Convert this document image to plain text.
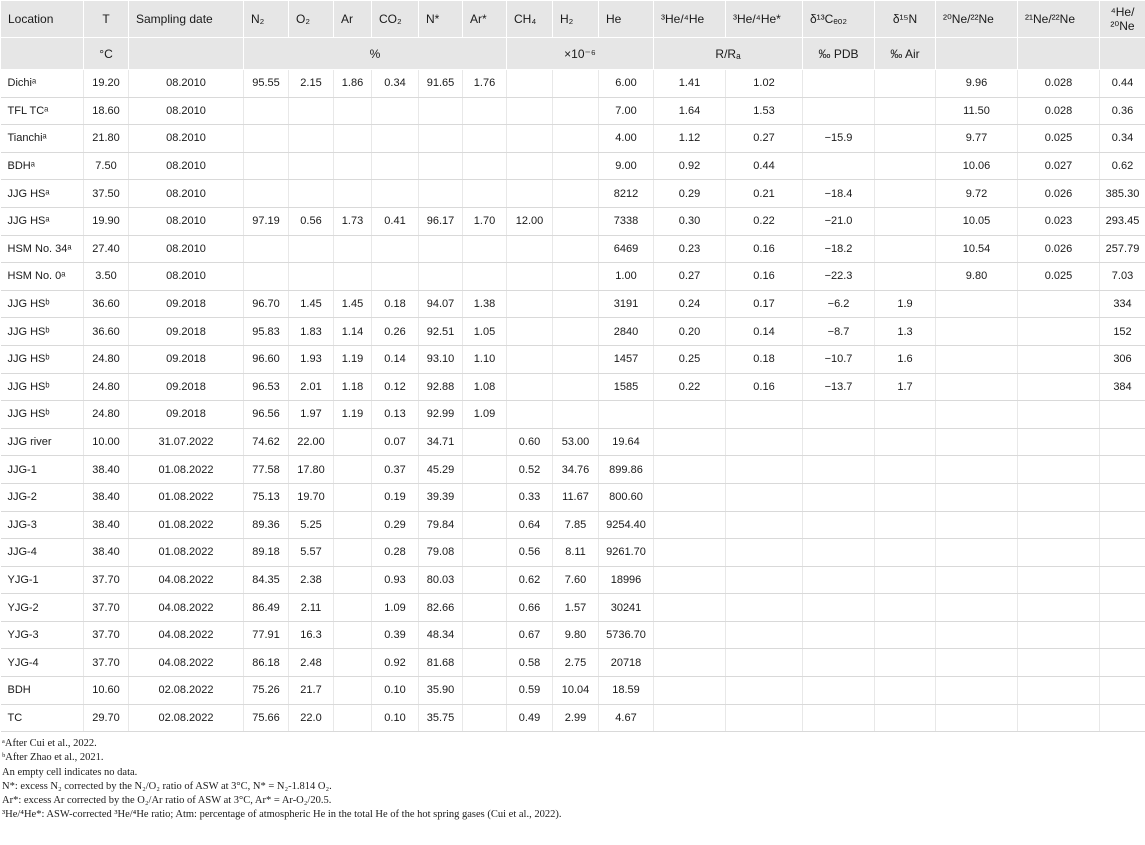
Location	T	Sampling date	N₂	O₂	Ar	CO₂	N*	Ar*	CH₄	H₂	He	³He/⁴He	³He/⁴He*	δ¹³Cₑₒ₂	δ¹⁵N	²⁰Ne/²²Ne	²¹Ne/²²Ne	⁴He/²⁰Ne
	°C		%						×10⁻⁶			R/Rₐ		‰ PDB	‰ Air			
Dichiᵃ	19.20	08.2010	95.55	2.15	1.86	0.34	91.65	1.76			6.00	1.41	1.02			9.96	0.028	0.44
TFL TCᵃ	18.60	08.2010									7.00	1.64	1.53			11.50	0.028	0.36
Tianchiᵃ	21.80	08.2010									4.00	1.12	0.27	−15.9		9.77	0.025	0.34
BDHᵃ	7.50	08.2010									9.00	0.92	0.44			10.06	0.027	0.62
JJG HSᵃ	37.50	08.2010									8212	0.29	0.21	−18.4		9.72	0.026	385.30
JJG HSᵃ	19.90	08.2010	97.19	0.56	1.73	0.41	96.17	1.70	12.00		7338	0.30	0.22	−21.0		10.05	0.023	293.45
HSM No. 34ᵃ	27.40	08.2010									6469	0.23	0.16	−18.2		10.54	0.026	257.79
HSM No. 0ᵃ	3.50	08.2010									1.00	0.27	0.16	−22.3		9.80	0.025	7.03
JJG HSᵇ	36.60	09.2018	96.70	1.45	1.45	0.18	94.07	1.38			3191	0.24	0.17	−6.2	1.9			334
JJG HSᵇ	36.60	09.2018	95.83	1.83	1.14	0.26	92.51	1.05			2840	0.20	0.14	−8.7	1.3			152
JJG HSᵇ	24.80	09.2018	96.60	1.93	1.19	0.14	93.10	1.10			1457	0.25	0.18	−10.7	1.6			306
JJG HSᵇ	24.80	09.2018	96.53	2.01	1.18	0.12	92.88	1.08			1585	0.22	0.16	−13.7	1.7			384
JJG HSᵇ	24.80	09.2018	96.56	1.97	1.19	0.13	92.99	1.09										
JJG river	10.00	31.07.2022	74.62	22.00		0.07	34.71		0.60	53.00	19.64							
JJG-1	38.40	01.08.2022	77.58	17.80		0.37	45.29		0.52	34.76	899.86							
JJG-2	38.40	01.08.2022	75.13	19.70		0.19	39.39		0.33	11.67	800.60							
JJG-3	38.40	01.08.2022	89.36	5.25		0.29	79.84		0.64	7.85	9254.40							
JJG-4	38.40	01.08.2022	89.18	5.57		0.28	79.08		0.56	8.11	9261.70							
YJG-1	37.70	04.08.2022	84.35	2.38		0.93	80.03		0.62	7.60	18996							
YJG-2	37.70	04.08.2022	86.49	2.11		1.09	82.66		0.66	1.57	30241							
YJG-3	37.70	04.08.2022	77.91	16.3		0.39	48.34		0.67	9.80	5736.70							
YJG-4	37.70	04.08.2022	86.18	2.48		0.92	81.68		0.58	2.75	20718							
BDH	10.60	02.08.2022	75.26	21.7		0.10	35.90		0.59	10.04	18.59							
TC	29.70	02.08.2022	75.66	22.0		0.10	35.75		0.49	2.99	4.67							
ᵃAfter Cui et al., 2022.
ᵇAfter Zhao et al., 2021.
An empty cell indicates no data.
N*: excess N₂ corrected by the N₂/O₂ ratio of ASW at 3°C, N* = N₂-1.814 O₂.
Ar*: excess Ar corrected by the O₂/Ar ratio of ASW at 3°C, Ar* = Ar-O₂/20.5.
³He/⁴He*: ASW-corrected ³He/⁴He ratio; Atm: percentage of atmospheric He in the total He of the hot spring gases (Cui et al., 2022).
